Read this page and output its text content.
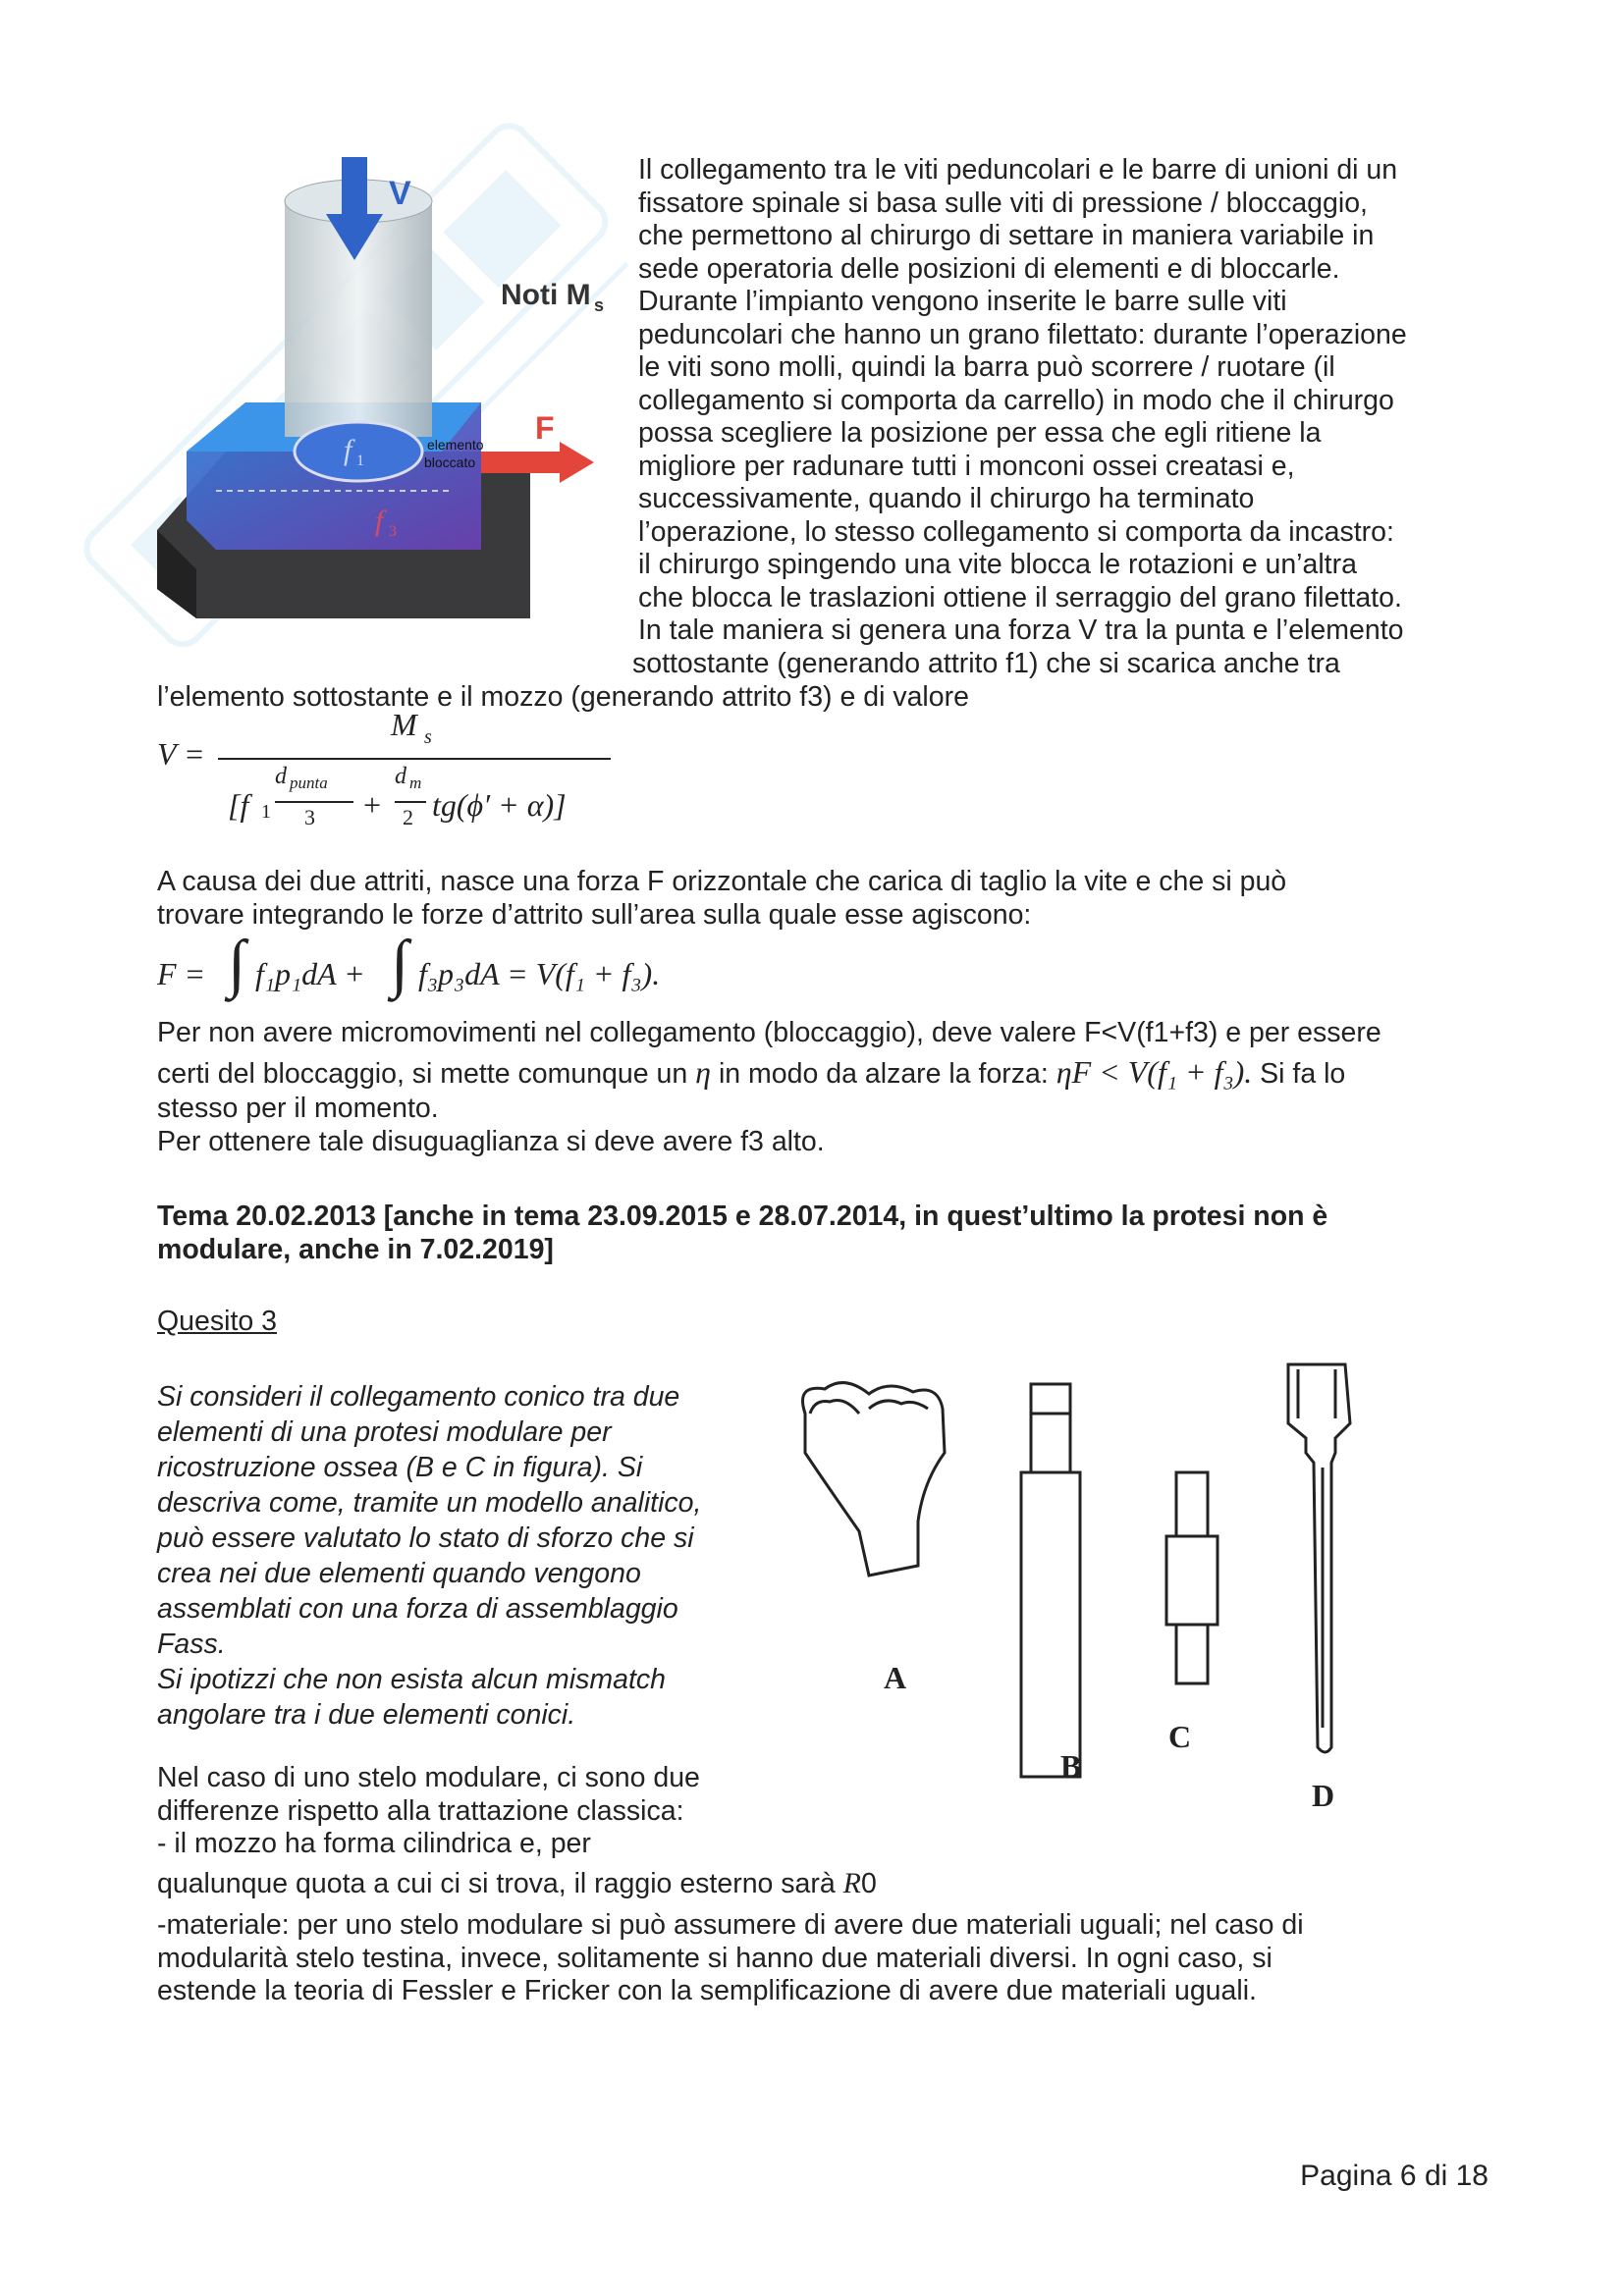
V
Noti M s
F
f 1
f 3
elemento
bloccato

Il collegamento tra le viti peduncolari e le barre di unioni di un

fissatore spinale si basa sulle viti di pressione / bloccaggio,

che permettono al chirurgo di settare in maniera variabile in

sede operatoria delle posizioni di elementi e di bloccarle.

Durante l’impianto vengono inserite le barre sulle viti

peduncolari che hanno un grano filettato: durante l’operazione

le viti sono molli, quindi la barra può scorrere / ruotare (il

collegamento si comporta da carrello) in modo che il chirurgo

possa scegliere la posizione per essa che egli ritiene la

migliore per radunare tutti i monconi ossei creatasi e,

successivamente, quando il chirurgo ha terminato

l’operazione, lo stesso collegamento si comporta da incastro:

il chirurgo spingendo una vite blocca le rotazioni e un’altra

che blocca le traslazioni ottiene il serraggio del grano filettato.

In tale maniera si genera una forza V tra la punta e l’elemento

sottostante (generando attrito f1) che si scarica anche tra

l’elemento sottostante e il mozzo (generando attrito f3) e di valore

V =
M s
[f 1
d punta
3 +
d m
2 tg(ϕ′ + α)]

A causa dei due attriti, nasce una forza F orizzontale che carica di taglio la vite e che si può

trovare integrando le forze d’attrito sull’area sulla quale esse agiscono:

F = ∫ f₁p₁dA + ∫ f₃p₃dA = V(f₁ + f₃).

Per non avere micromovimenti nel collegamento (bloccaggio), deve valere F<V(f1+f3) e per essere

certi del bloccaggio, si mette comunque un η in modo da alzare la forza: ηF < V(f₁ + f₃). Si fa lo

stesso per il momento.

Per ottenere tale disuguaglianza si deve avere f3 alto.

Tema 20.02.2013 [anche in tema 23.09.2015 e 28.07.2014, in quest’ultimo la protesi non è

modulare, anche in 7.02.2019]

Quesito 3

Si consideri il collegamento conico tra due

elementi di una protesi modulare per

ricostruzione ossea (B e C in figura). Si

descriva come, tramite un modello analitico,

può essere valutato lo stato di sforzo che si

crea nei due elementi quando vengono

assemblati con una forza di assemblaggio

Fass.

Si ipotizzi che non esista alcun mismatch

angolare tra i due elementi conici.

A
B
C
D

Nel caso di uno stelo modulare, ci sono due

differenze rispetto alla trattazione classica:

- il mozzo ha forma cilindrica e, per

qualunque quota a cui ci si trova, il raggio esterno sarà R0

-materiale: per uno stelo modulare si può assumere di avere due materiali uguali; nel caso di

modularità stelo testina, invece, solitamente si hanno due materiali diversi. In ogni caso, si

estende la teoria di Fessler e Fricker con la semplificazione di avere due materiali uguali.

Pagina 6 di 18
